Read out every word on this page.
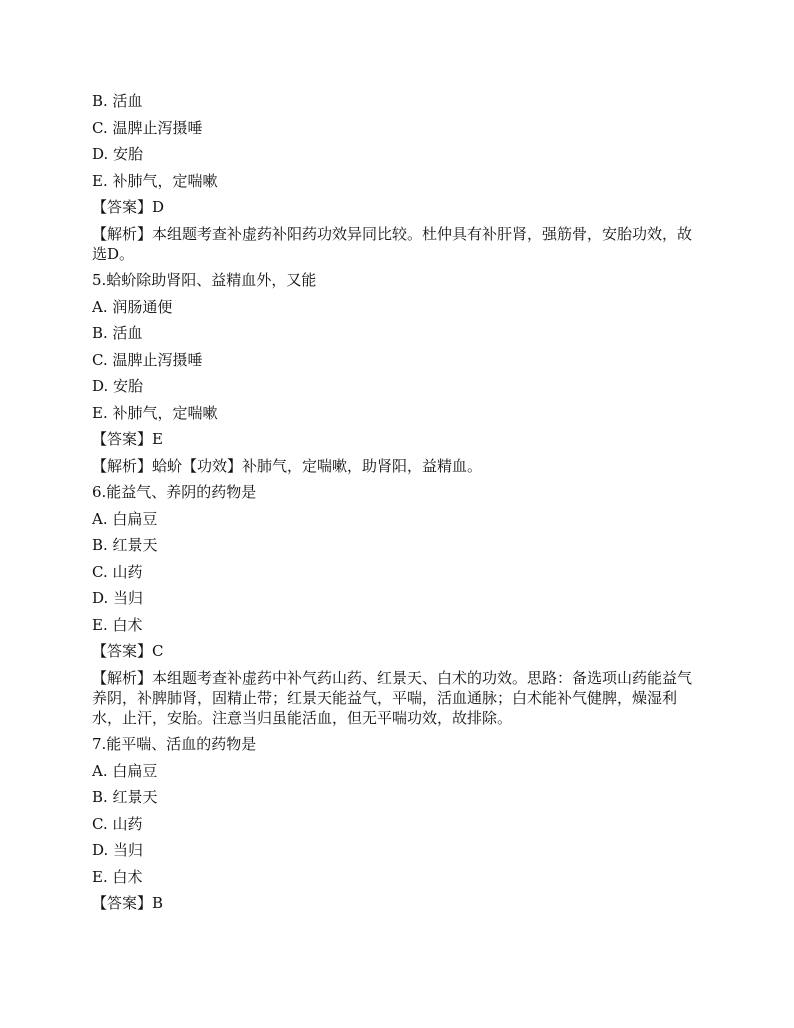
B. 活血
C. 温脾止泻摄唾
D. 安胎
E. 补肺气，定喘嗽
【答案】D
【解析】本组题考查补虚药补阳药功效异同比较。杜仲具有补肝肾，强筋骨，安胎功效，故选D。
5.蛤蚧除助肾阳、益精血外，又能
A. 润肠通便
B. 活血
C. 温脾止泻摄唾
D. 安胎
E. 补肺气，定喘嗽
【答案】E
【解析】蛤蚧【功效】补肺气，定喘嗽，助肾阳，益精血。
6.能益气、养阴的药物是
A. 白扁豆
B. 红景天
C. 山药
D. 当归
E. 白术
【答案】C
【解析】本组题考查补虚药中补气药山药、红景天、白术的功效。思路：备选项山药能益气养阴，补脾肺肾，固精止带；红景天能益气，平喘，活血通脉；白术能补气健脾，燥湿利水，止汗，安胎。注意当归虽能活血，但无平喘功效，故排除。
7.能平喘、活血的药物是
A. 白扁豆
B. 红景天
C. 山药
D. 当归
E. 白术
【答案】B
